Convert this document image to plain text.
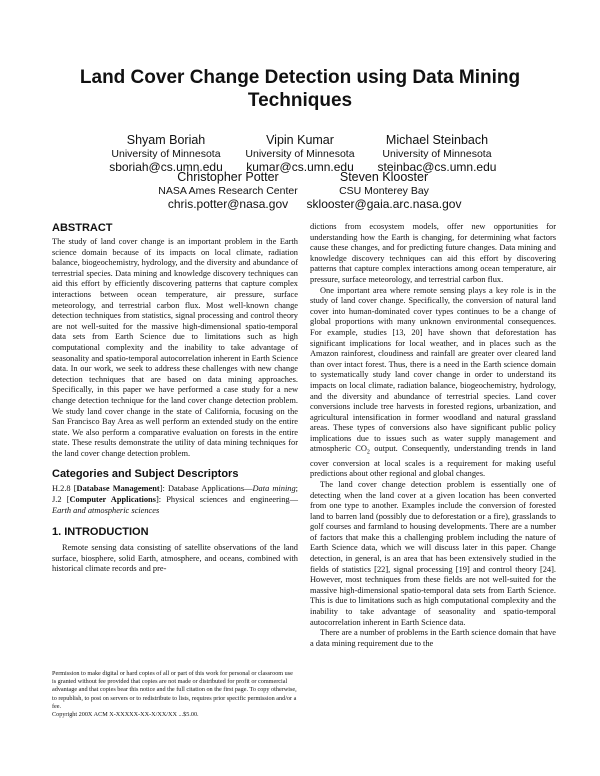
Land Cover Change Detection using Data Mining Techniques
Shyam Boriah
University of Minnesota
sboriah@cs.umn.edu
Vipin Kumar
University of Minnesota
kumar@cs.umn.edu
Michael Steinbach
University of Minnesota
steinbac@cs.umn.edu
Christopher Potter
NASA Ames Research Center
chris.potter@nasa.gov
Steven Klooster
CSU Monterey Bay
sklooster@gaia.arc.nasa.gov
ABSTRACT

The study of land cover change is an important problem in the Earth science domain because of its impacts on local climate, radiation balance, biogeochemistry, hydrology, and the diversity and abundance of terrestrial species. Data mining and knowledge discovery techniques can aid this effort by efficiently discovering patterns that capture complex interactions between ocean temperature, air pressure, surface meteorology, and terrestrial carbon flux. Most well-known change detection techniques from statistics, signal processing and control theory are not well-suited for the massive high-dimensional spatio-temporal data sets from Earth Science due to limitations such as high computational complexity and the inability to take advantage of seasonality and spatio-temporal autocorrelation inherent in Earth Science data. In our work, we seek to address these challenges with new change detection techniques that are based on data mining approaches. Specifically, in this paper we have performed a case study for a new change detection technique for the land cover change detection problem. We study land cover change in the state of California, focusing on the San Francisco Bay Area as well perform an extended study on the entire state. We also perform a comparative evaluation on forests in the entire state. These results demonstrate the utility of data mining techniques for the land cover change detection problem.

Categories and Subject Descriptors

H.2.8 [Database Management]: Database Applications—Data mining; J.2 [Computer Applications]: Physical sciences and engineering—Earth and atmospheric sciences

1. INTRODUCTION

Remote sensing data consisting of satellite observations of the land surface, biosphere, solid Earth, atmosphere, and oceans, combined with historical climate records and pre-

Permission to make digital or hard copies of all or part of this work for personal or classroom use is granted without fee provided that copies are not made or distributed for profit or commercial advantage and that copies bear this notice and the full citation on the first page. To copy otherwise, to republish, to post on servers or to redistribute to lists, requires prior specific permission and/or a fee.
Copyright 200X ACM X-XXXXX-XX-X/XX/XX ...$5.00.

dictions from ecosystem models, offer new opportunities for understanding how the Earth is changing, for determining what factors cause these changes, and for predicting future changes. Data mining and knowledge discovery techniques can aid this effort by discovering patterns that capture complex interactions among ocean temperature, air pressure, surface meteorology, and terrestrial carbon flux.

One important area where remote sensing plays a key role is in the study of land cover change. Specifically, the conversion of natural land cover into human-dominated cover types continues to be a change of global proportions with many unknown environmental consequences. For example, studies [13, 20] have shown that deforestation has significant implications for local weather, and in places such as the Amazon rainforest, cloudiness and rainfall are greater over cleared land than over intact forest. Thus, there is a need in the Earth science domain to systematically study land cover change in order to understand its impacts on local climate, radiation balance, biogeochemistry, hydrology, and the diversity and abundance of terrestrial species. Land cover conversions include tree harvests in forested regions, urbanization, and agricultural intensification in former woodland and natural grassland areas. These types of conversions also have significant public policy implications due to issues such as water supply management and atmospheric $CO_2$ output. Consequently, understanding trends in land cover conversion at local scales is a requirement for making useful predictions about other regional and global changes.

The land cover change detection problem is essentially one of detecting when the land cover at a given location has been converted from one type to another. Examples include the conversion of forested land to barren land (possibly due to deforestation or a fire), grasslands to golf courses and farmland to housing developments. There are a number of factors that make this a challenging problem including the nature of Earth Science data, which we will discuss later in this paper. Change detection, in general, is an area that has been extensively studied in the fields of statistics [22], signal processing [19] and control theory [24]. However, most techniques from these fields are not well-suited for the massive high-dimensional spatio-temporal data sets from Earth Science. This is due to limitations such as high computational complexity and the inability to take advantage of seasonality and spatio-temporal autocorrelation inherent in Earth Science data.

There are a number of problems in the Earth science domain that have a data mining requirement due to the
